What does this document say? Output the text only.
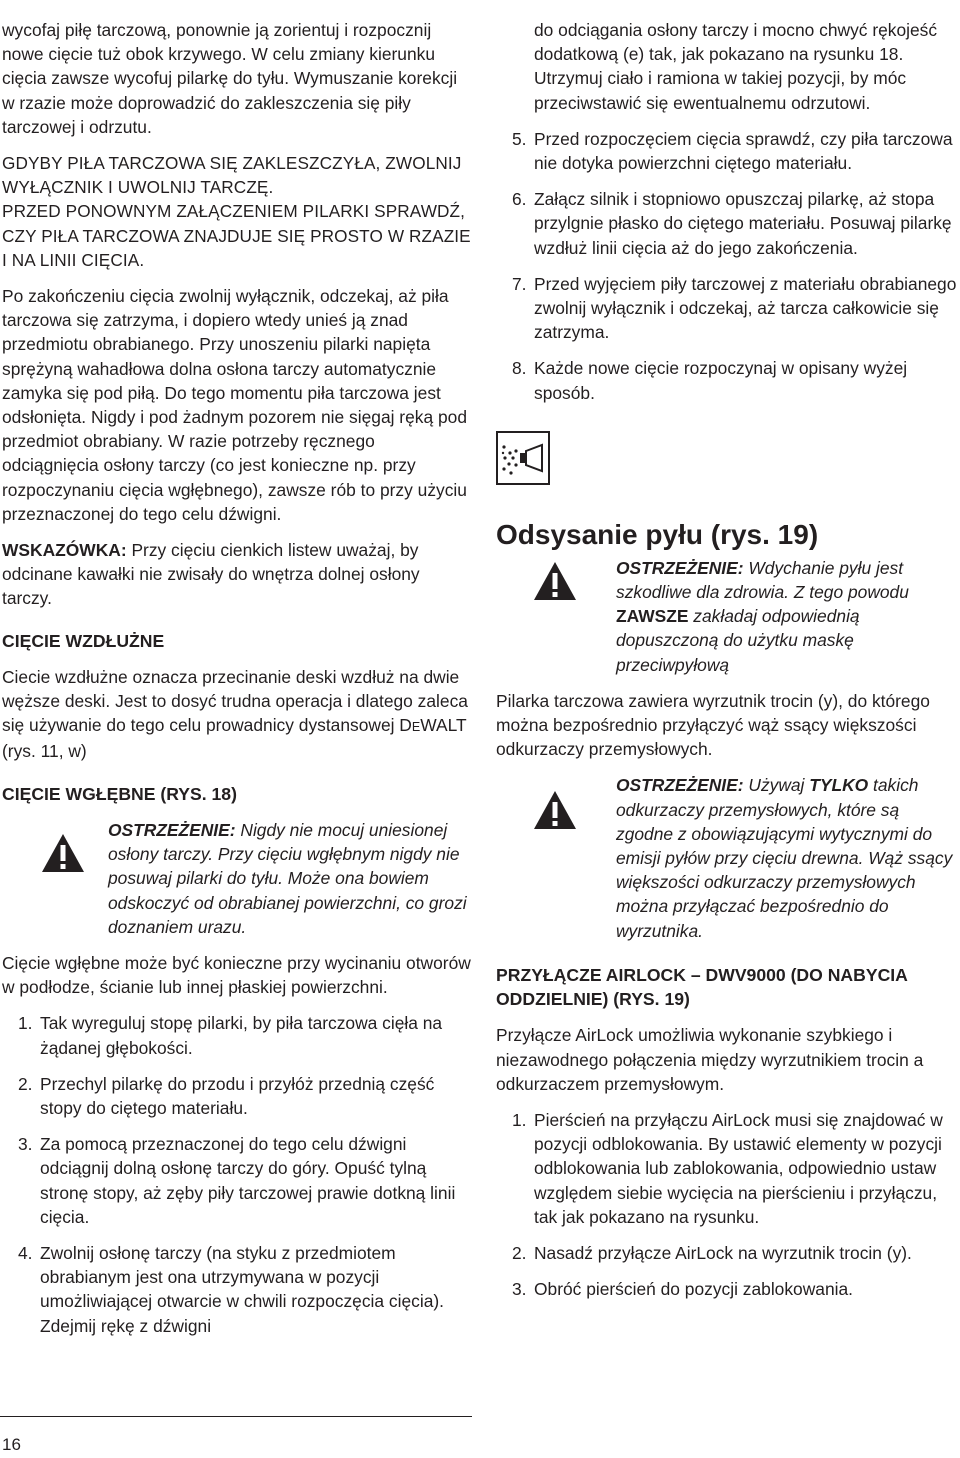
wycofaj piłę tarczową, ponownie ją zorientuj i rozpocznij nowe cięcie tuż obok krzywego. W celu zmiany kierunku cięcia zawsze wycofuj pilarkę do tyłu. Wymuszanie korekcji w rzazie może doprowadzić do zakleszczenia się piły tarczowej i odrzutu.

GDYBY PIŁA TARCZOWA SIĘ ZAKLESZCZYŁA, ZWOLNIJ WYŁĄCZNIK I UWOLNIJ TARCZĘ.

PRZED PONOWNYM ZAŁĄCZENIEM PILARKI SPRAWDŹ, CZY PIŁA TARCZOWA ZNAJDUJE SIĘ PROSTO W RZAZIE I NA LINII CIĘCIA.

Po zakończeniu cięcia zwolnij wyłącznik, odczekaj, aż piła tarczowa się zatrzyma, i dopiero wtedy unieś ją znad przedmiotu obrabianego. Przy unoszeniu pilarki napięta sprężyną wahadłowa dolna osłona tarczy automatycznie zamyka się pod piłą. Do tego momentu piła tarczowa jest odsłonięta. Nigdy i pod żadnym pozorem nie sięgaj ręką pod przedmiot obrabiany. W razie potrzeby ręcznego odciągnięcia osłony tarczy (co jest konieczne np. przy rozpoczynaniu cięcia wgłębnego), zawsze rób to przy użyciu przeznaczonej do tego celu dźwigni.

WSKAZÓWKA: Przy cięciu cienkich listew uważaj, by odcinane kawałki nie zwisały do wnętrza dolnej osłony tarczy.

CIĘCIE WZDŁUŻNE

Ciecie wzdłużne oznacza przecinanie deski wzdłuż na dwie węższe deski. Jest to dosyć trudna operacja i dlatego zaleca się używanie do tego celu prowadnicy dystansowej DEWALT (rys. 11, w)

CIĘCIE WGŁĘBNE (RYS. 18)

OSTRZEŻENIE: Nigdy nie mocuj uniesionej osłony tarczy. Przy cięciu wgłębnym nigdy nie posuwaj pilarki do tyłu. Może ona bowiem odskoczyć od obrabianej powierzchni, co grozi doznaniem urazu.

Cięcie wgłębne może być konieczne przy wycinaniu otworów w podłodze, ścianie lub innej płaskiej powierzchni.

1. Tak wyreguluj stopę pilarki, by piła tarczowa cięła na żądanej głębokości.

2. Przechyl pilarkę do przodu i przyłóż przednią część stopy do ciętego materiału.

3. Za pomocą przeznaczonej do tego celu dźwigni odciągnij dolną osłonę tarczy do góry. Opuść tylną stronę stopy, aż zęby piły tarczowej prawie dotkną linii cięcia.

4. Zwolnij osłonę tarczy (na styku z przedmiotem obrabianym jest ona utrzymywana w pozycji umożliwiającej otwarcie w chwili rozpoczęcia cięcia). Zdejmij rękę z dźwigni

do odciągania osłony tarczy i mocno chwyć rękojeść dodatkową (e) tak, jak pokazano na rysunku 18. Utrzymuj ciało i ramiona w takiej pozycji, by móc przeciwstawić się ewentualnemu odrzutowi.

5. Przed rozpoczęciem cięcia sprawdź, czy piła tarczowa nie dotyka powierzchni ciętego materiału.

6. Załącz silnik i stopniowo opuszczaj pilarkę, aż stopa przylgnie płasko do ciętego materiału. Posuwaj pilarkę wzdłuż linii cięcia aż do jego zakończenia.

7. Przed wyjęciem piły tarczowej z materiału obrabianego zwolnij wyłącznik i odczekaj, aż tarcza całkowicie się zatrzyma.

8. Każde nowe cięcie rozpoczynaj w opisany wyżej sposób.

Odsysanie pyłu (rys. 19)

OSTRZEŻENIE: Wdychanie pyłu jest szkodliwe dla zdrowia. Z tego powodu ZAWSZE zakładaj odpowiednią dopuszczoną do użytku maskę przeciwpyłową

Pilarka tarczowa zawiera wyrzutnik trocin (y), do którego można bezpośrednio przyłączyć wąż ssący większości odkurzaczy przemysłowych.

OSTRZEŻENIE: Używaj TYLKO takich odkurzaczy przemysłowych, które są zgodne z obowiązującymi wytycznymi do emisji pyłów przy cięciu drewna. Wąż ssący większości odkurzaczy przemysłowych można przyłączać bezpośrednio do wyrzutnika.

PRZYŁĄCZE AIRLOCK – DWV9000 (DO NABYCIA ODDZIELNIE) (RYS. 19)

Przyłącze AirLock umożliwia wykonanie szybkiego i niezawodnego połączenia między wyrzutnikiem trocin a odkurzaczem przemysłowym.

1. Pierścień na przyłączu AirLock musi się znajdować w pozycji odblokowania. By ustawić elementy w pozycji odblokowania lub zablokowania, odpowiednio ustaw względem siebie wycięcia na pierścieniu i przyłączu, tak jak pokazano na rysunku.

2. Nasadź przyłącze AirLock na wyrzutnik trocin (y).

3. Obróć pierścień do pozycji zablokowania.

16
